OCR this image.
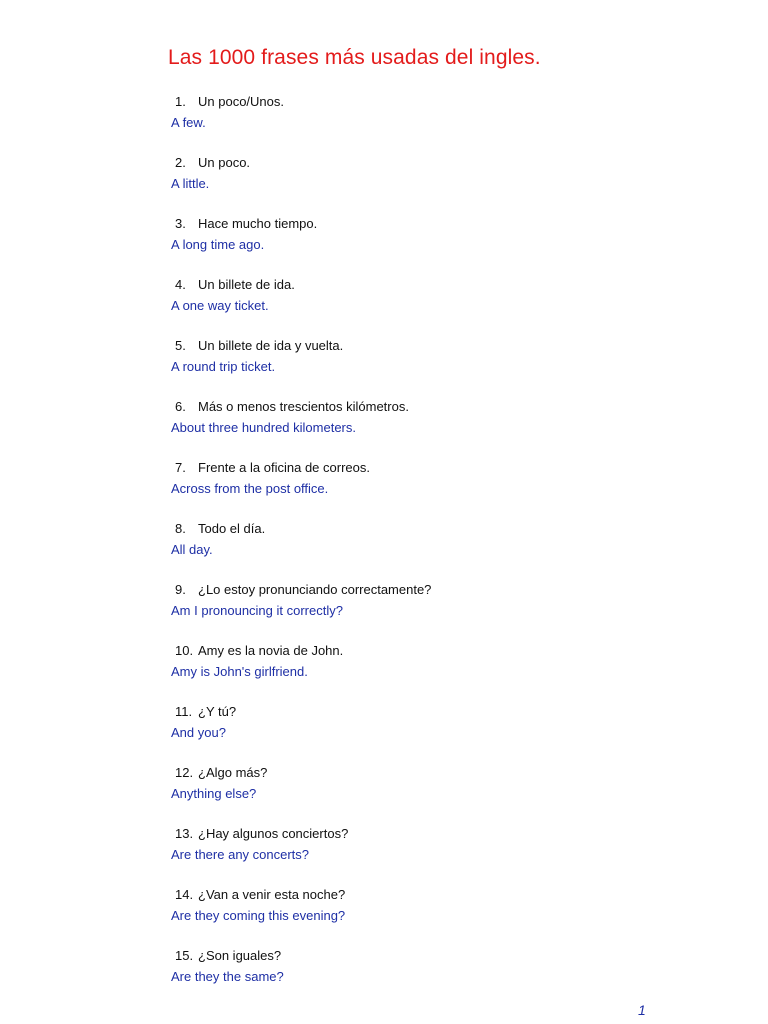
Las 1000 frases más usadas del ingles.
1. Un poco/Unos.
A few.
2. Un poco.
A little.
3. Hace mucho tiempo.
A long time ago.
4. Un billete de ida.
A one way ticket.
5. Un billete de ida y vuelta.
A round trip ticket.
6. Más o menos trescientos kilómetros.
About three hundred kilometers.
7. Frente a la oficina de correos.
Across from the post office.
8. Todo el día.
All day.
9. ¿Lo estoy pronunciando correctamente?
Am I pronouncing it correctly?
10. Amy es la novia de John.
Amy is John's girlfriend.
11. ¿Y tú?
And you?
12. ¿Algo más?
Anything else?
13. ¿Hay algunos conciertos?
Are there any concerts?
14. ¿Van a venir esta noche?
Are they coming this evening?
15. ¿Son iguales?
Are they the same?
1
